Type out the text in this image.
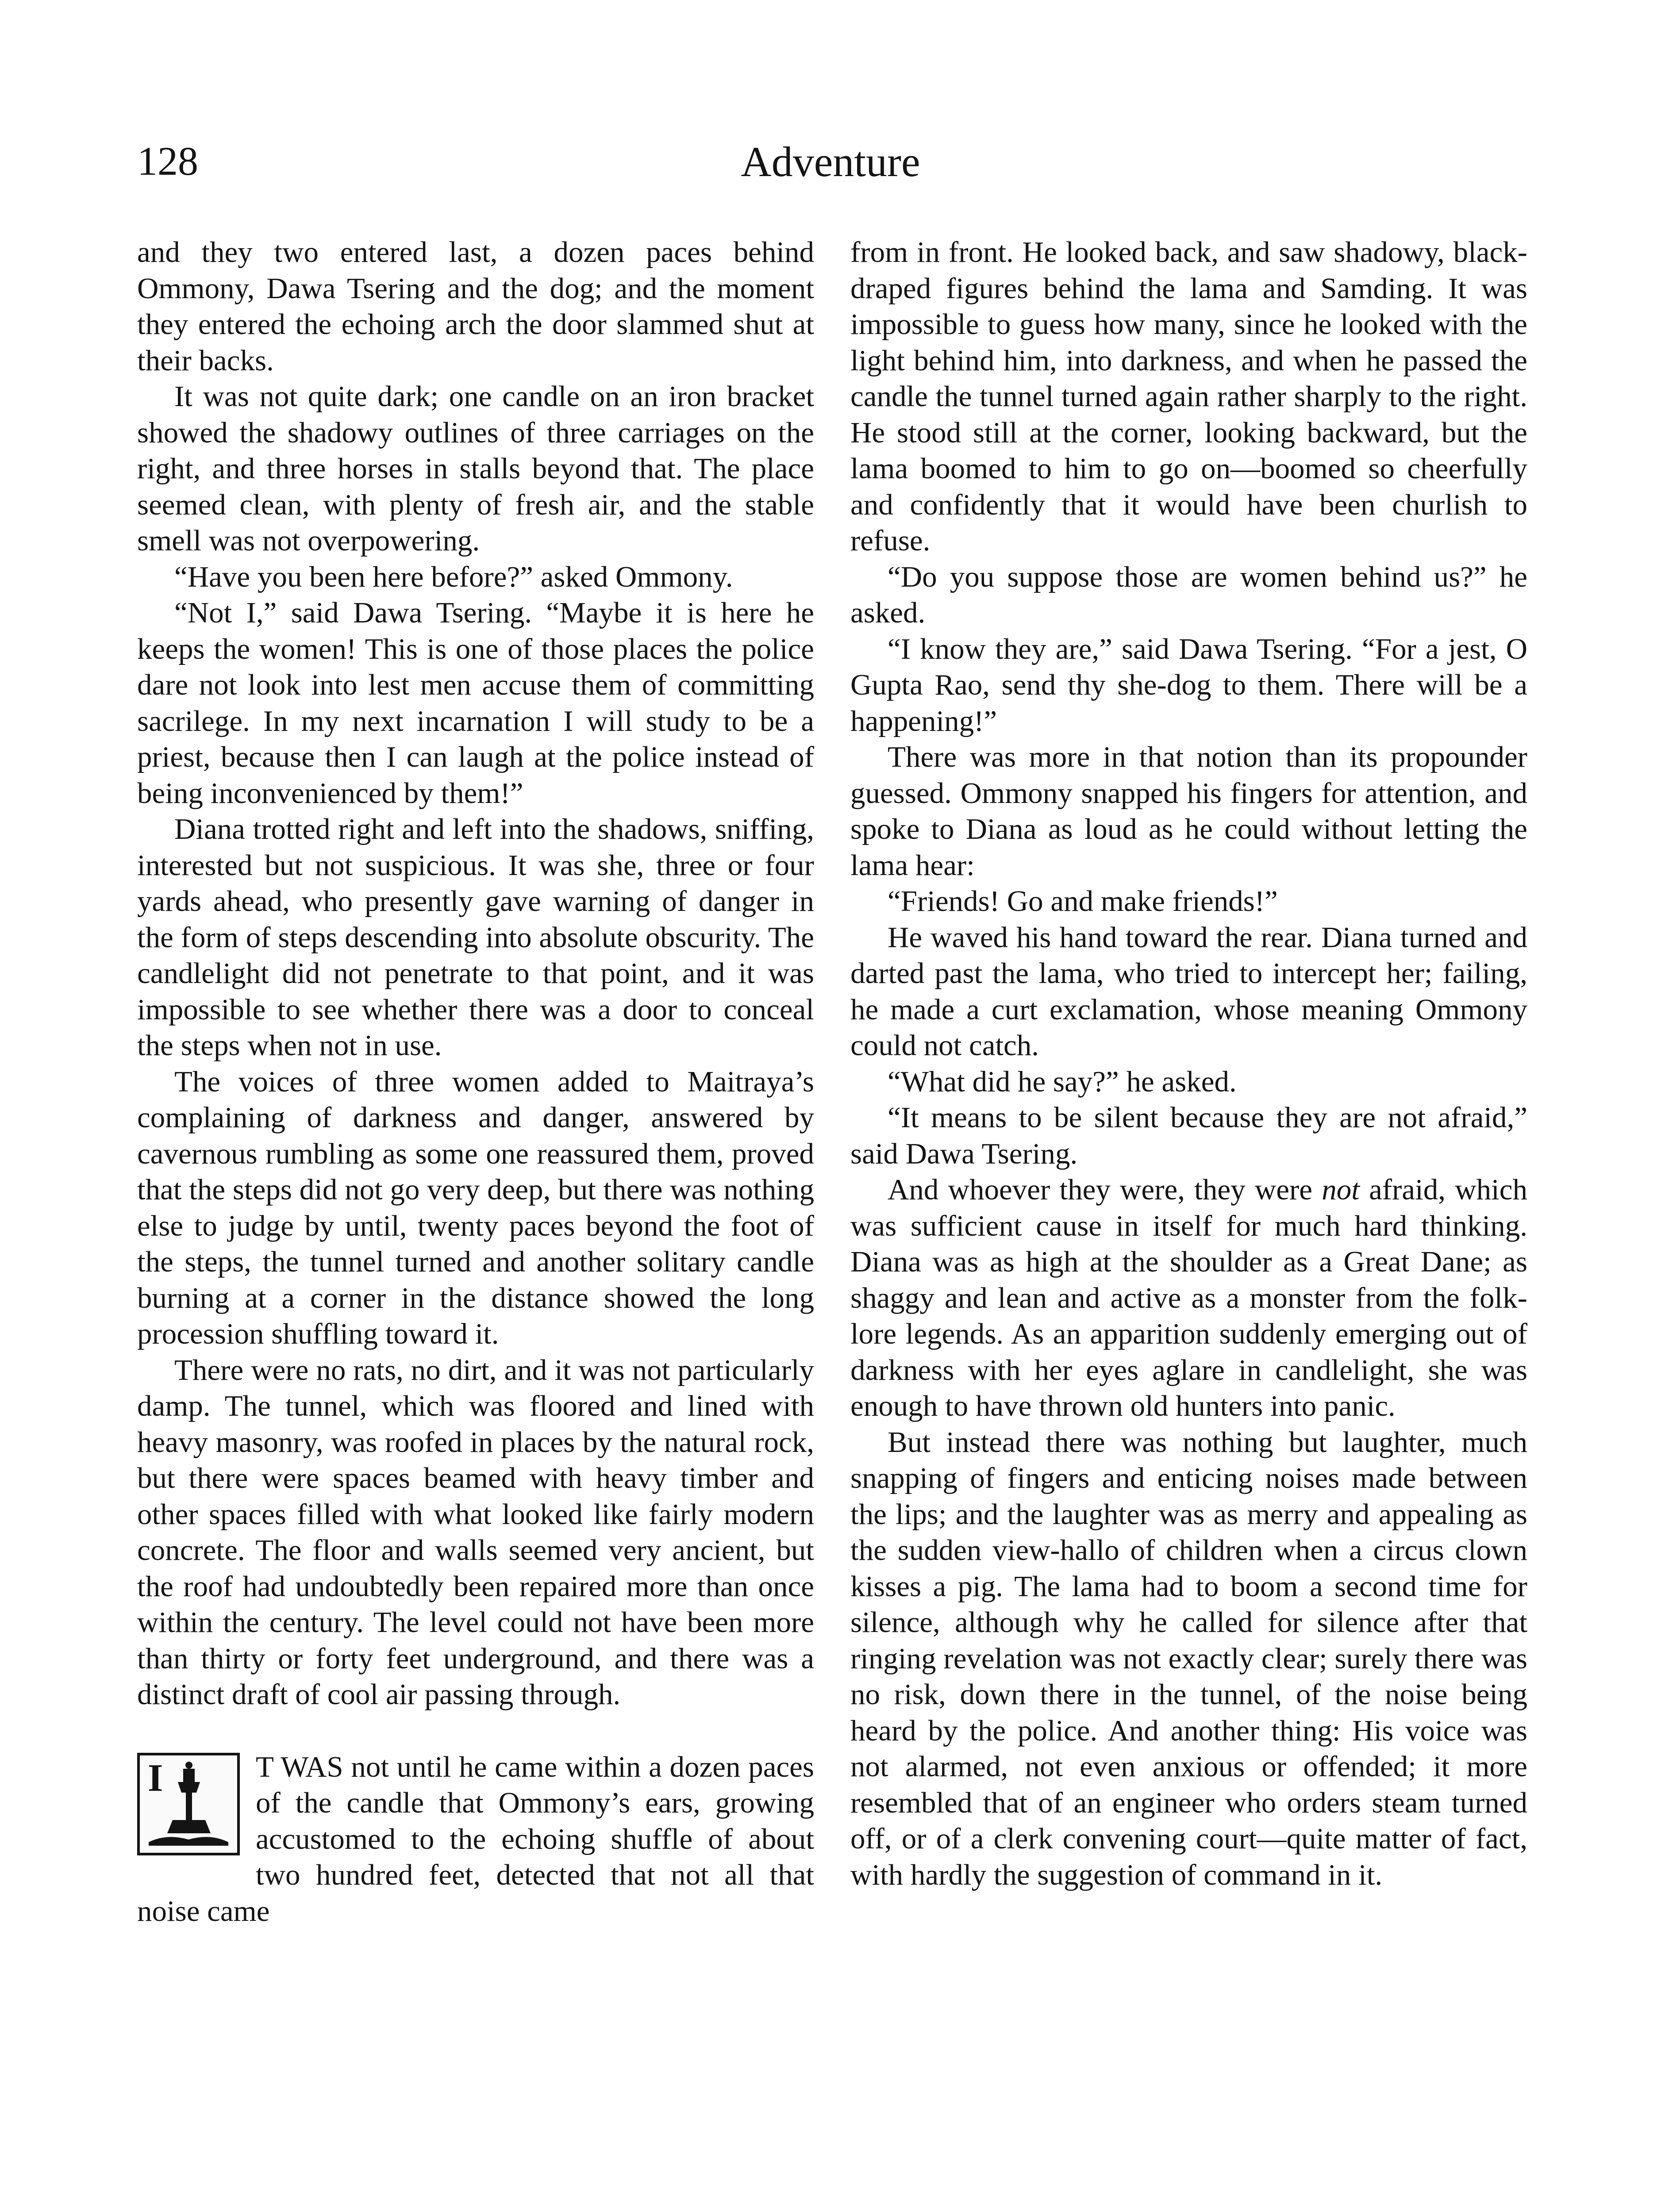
128	Adventure

and they two entered last, a dozen paces behind Ommony, Dawa Tsering and the dog; and the moment they entered the echoing arch the door slammed shut at their backs.

It was not quite dark; one candle on an iron bracket showed the shadowy outlines of three carriages on the right, and three horses in stalls beyond that. The place seemed clean, with plenty of fresh air, and the stable smell was not overpowering.

“Have you been here before?” asked Ommony.

“Not I,” said Dawa Tsering. “Maybe it is here he keeps the women! This is one of those places the police dare not look into lest men accuse them of committing sacrilege. In my next incarnation I will study to be a priest, because then I can laugh at the police instead of being inconvenienced by them!”

Diana trotted right and left into the shadows, sniffing, interested but not suspicious. It was she, three or four yards ahead, who presently gave warning of danger in the form of steps descending into absolute obscurity. The candlelight did not penetrate to that point, and it was impossible to see whether there was a door to conceal the steps when not in use.

The voices of three women added to Maitraya’s complaining of darkness and danger, answered by cavernous rumbling as some one reassured them, proved that the steps did not go very deep, but there was nothing else to judge by until, twenty paces beyond the foot of the steps, the tunnel turned and another solitary candle burning at a corner in the distance showed the long procession shuffling toward it.

There were no rats, no dirt, and it was not particularly damp. The tunnel, which was floored and lined with heavy masonry, was roofed in places by the natural rock, but there were spaces beamed with heavy timber and other spaces filled with what looked like fairly modern concrete. The floor and walls seemed very ancient, but the roof had undoubtedly been repaired more than once within the century. The level could not have been more than thirty or forty feet underground, and there was a distinct draft of cool air passing through.

I	T WAS not until he came within a dozen paces of the candle that Ommony’s ears, growing accustomed to the echoing shuffle of about two hundred feet, detected that not all that noise came

from in front. He looked back, and saw shadowy, black-draped figures behind the lama and Samding. It was impossible to guess how many, since he looked with the light behind him, into darkness, and when he passed the candle the tunnel turned again rather sharply to the right. He stood still at the corner, looking backward, but the lama boomed to him to go on—boomed so cheerfully and confidently that it would have been churlish to refuse.

“Do you suppose those are women behind us?” he asked.

“I know they are,” said Dawa Tsering. “For a jest, O Gupta Rao, send thy she-dog to them. There will be a happening!”

There was more in that notion than its propounder guessed. Ommony snapped his fingers for attention, and spoke to Diana as loud as he could without letting the lama hear:

“Friends! Go and make friends!”

He waved his hand toward the rear. Diana turned and darted past the lama, who tried to intercept her; failing, he made a curt exclamation, whose meaning Ommony could not catch.

“What did he say?” he asked.

“It means to be silent because they are not afraid,” said Dawa Tsering.

And whoever they were, they were not afraid, which was sufficient cause in itself for much hard thinking. Diana was as high at the shoulder as a Great Dane; as shaggy and lean and active as a monster from the folk-lore legends. As an apparition suddenly emerging out of darkness with her eyes aglare in candlelight, she was enough to have thrown old hunters into panic.

But instead there was nothing but laughter, much snapping of fingers and enticing noises made between the lips; and the laughter was as merry and appealing as the sudden view-hallo of children when a circus clown kisses a pig. The lama had to boom a second time for silence, although why he called for silence after that ringing revelation was not exactly clear; surely there was no risk, down there in the tunnel, of the noise being heard by the police. And another thing: His voice was not alarmed, not even anxious or offended; it more resembled that of an engineer who orders steam turned off, or of a clerk convening court—quite matter of fact, with hardly the suggestion of command in it.
